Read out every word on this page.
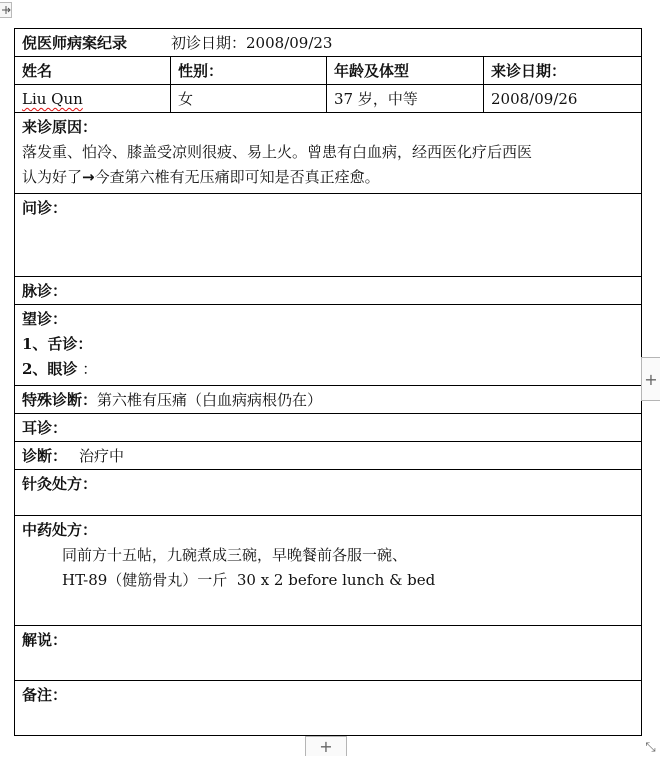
倪医师病案纪录 初诊日期：2008/09/23			
姓名	性别：	年龄及体型	来诊日期：
Liu Qun	女	37 岁，中等	2008/09/26

来诊原因：
落发重、怕冷、膝盖受凉则很疲、易上火。曾患有白血病，经西医化疗后西医
认为好了→今查第六椎有无压痛即可知是否真正痊愈。			

问诊：			
脉诊：			

望诊：
1、舌诊：
2、眼诊 ：			

特殊诊断：第六椎有压痛（白血病病根仍在）			
耳诊：			
诊断： 治疗中			
针灸处方：			

中药处方：
同前方十五帖，九碗煮成三碗，早晚餐前各服一碗、
HT-89（健筋骨丸）一斤  30 x 2 before lunch & bed			

解说：			
备注：			
+
+	⤡
